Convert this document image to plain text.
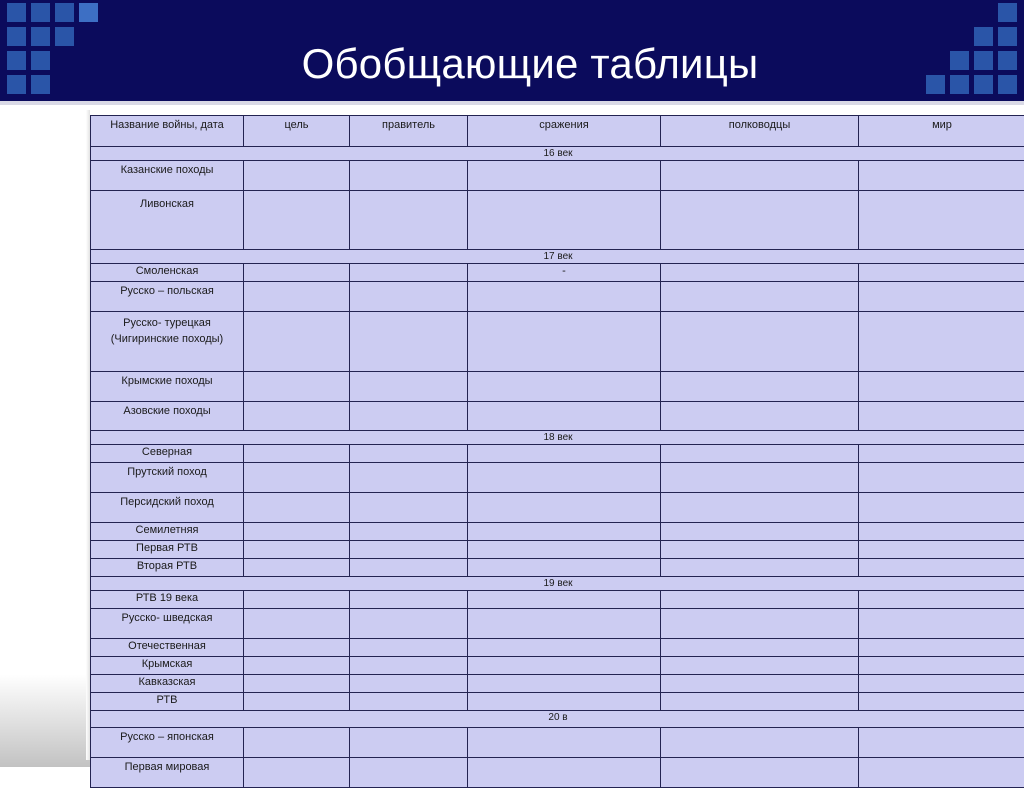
Обобщающие таблицы
Название войны, дата	цель	правитель	сражения	полководцы	мир
16 век					

Казанские походы					

Ливонская					

17 век					

Смоленская			-		

Русско – польская					

Русско- турецкая
(Чигиринские походы)					

Крымские походы					

Азовские походы					

18 век					

Северная					

Прутский поход					

Персидский поход					

Семилетняя					

Первая РТВ					

Вторая РТВ					

19 век					

РТВ 19 века					

Русско- шведская					

Отечественная					

Крымская					

Кавказская					

РТВ					

20 в					

Русско – японская					

Первая мировая					
